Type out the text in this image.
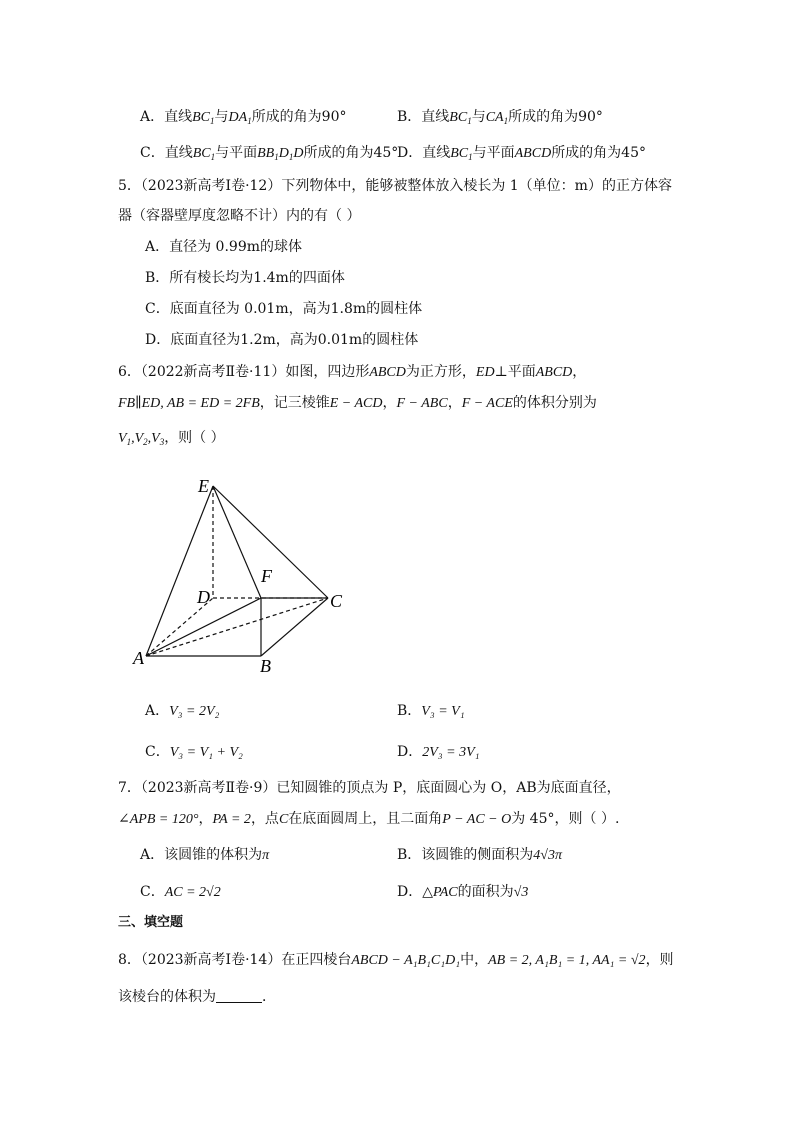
A．直线$BC_1$与$DA_1$所成的角为90°	B．直线$BC_1$与$CA_1$所成的角为90°
C．直线$BC_1$与平面$BB_1D_1D$所成的角为45°
D．直线$BC_1$与平面ABCD所成的角为45°
5．（2023新高考Ⅰ卷·12）下列物体中，能够被整体放入棱长为 1（单位：m）的正方体容
器（容器壁厚度忽略不计）内的有（ ）
A．直径为 0.99m的球体
B．所有棱长均为1.4m的四面体
C．底面直径为 0.01m，高为1.8m的圆柱体
D．底面直径为1.2m，高为0.01m的圆柱体
6．（2022新高考Ⅱ卷·11）如图，四边形ABCD为正方形，ED⊥平面ABCD，
FB∥ED, AB = ED = 2FB，记三棱锥E − ACD，F − ABC，F − ACE的体积分别为
$V_1,V_2,V_3$，则（ ）
E
D
F
C
A	B
A．V₃ = 2V₂	B．V₃ = V₁
C．V₃ = V₁ + V₂	D．2V₃ = 3V₁
7．（2023新高考Ⅱ卷·9）已知圆锥的顶点为 P，底面圆心为 O，AB为底面直径，
∠APB = 120°，PA = 2，点C在底面圆周上，且二面角P − AC − O为 45°，则（ ）.
A．该圆锥的体积为π	B．该圆锥的侧面积为4√3π
C．AC = 2√2	D．△PAC的面积为√3
三、填空题
8．（2023新高考Ⅰ卷·14）在正四棱台ABCD − A₁B₁C₁D₁中，AB = 2, A₁B₁ = 1, AA₁ = √2，则
该棱台的体积为	．
